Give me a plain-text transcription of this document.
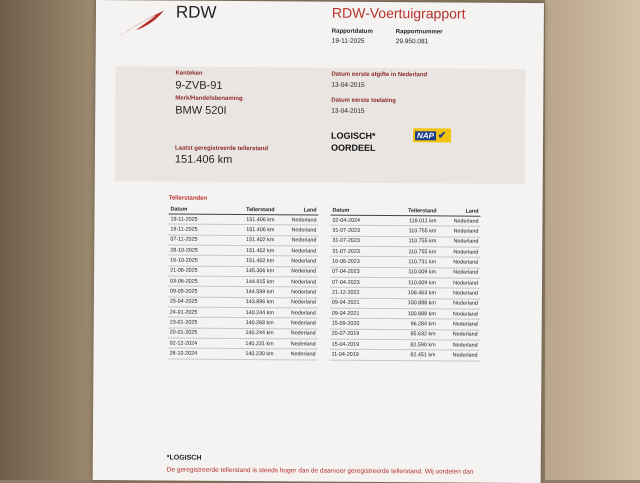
RDW	RDW-Voertuigrapport
Rapportdatum
19-11-2025
Rapportnummer
29.950.081
Kenteken
9-ZVB-91
Merk/Handelsbenaming
BMW 520I
Laatst geregistreerde tellerstand
151.406 km
Datum eerste afgifte in Nederland
13-04-2015
Datum eerste toelating
13-04-2015
LOGISCH*
OORDEEL
NAP ✔
Tellerstanden
Datum	Tellerstand	Land
19-11-2025	151.406 km	Nederland
19-11-2025	151.406 km	Nederland
07-11-2025	151.402 km	Nederland
28-10-2025	151.402 km	Nederland
16-10-2025	151.402 km	Nederland
21-06-2025	145.306 km	Nederland
03-06-2025	144.915 km	Nederland
09-05-2025	144.599 km	Nederland
25-04-2025	143.896 km	Nederland
24-01-2025	140.244 km	Nederland
23-01-2025	140.268 km	Nederland
20-01-2025	140.244 km	Nederland
02-12-2024	140.231 km	Nederland
28-10-2024	140.230 km	Nederland
Datum	Tellerstand	Land
02-04-2024	118.011 km	Nederland
31-07-2023	110.755 km	Nederland
31-07-2023	110.755 km	Nederland
31-07-2023	110.755 km	Nederland
16-06-2023	110.731 km	Nederland
07-04-2023	110.009 km	Nederland
07-04-2023	110.009 km	Nederland
21-12-2022	108.463 km	Nederland
09-04-2021	100.888 km	Nederland
09-04-2021	100.888 km	Nederland
15-09-2020	96.284 km	Nederland
20-07-2019	85.632 km	Nederland
15-04-2019	82.590 km	Nederland
11-04-2019	82.451 km	Nederland
*LOGISCH
De geregistreerde tellerstand is steeds hoger dan de daarvoor geregistreerde tellerstand. Wij oordelen dan
